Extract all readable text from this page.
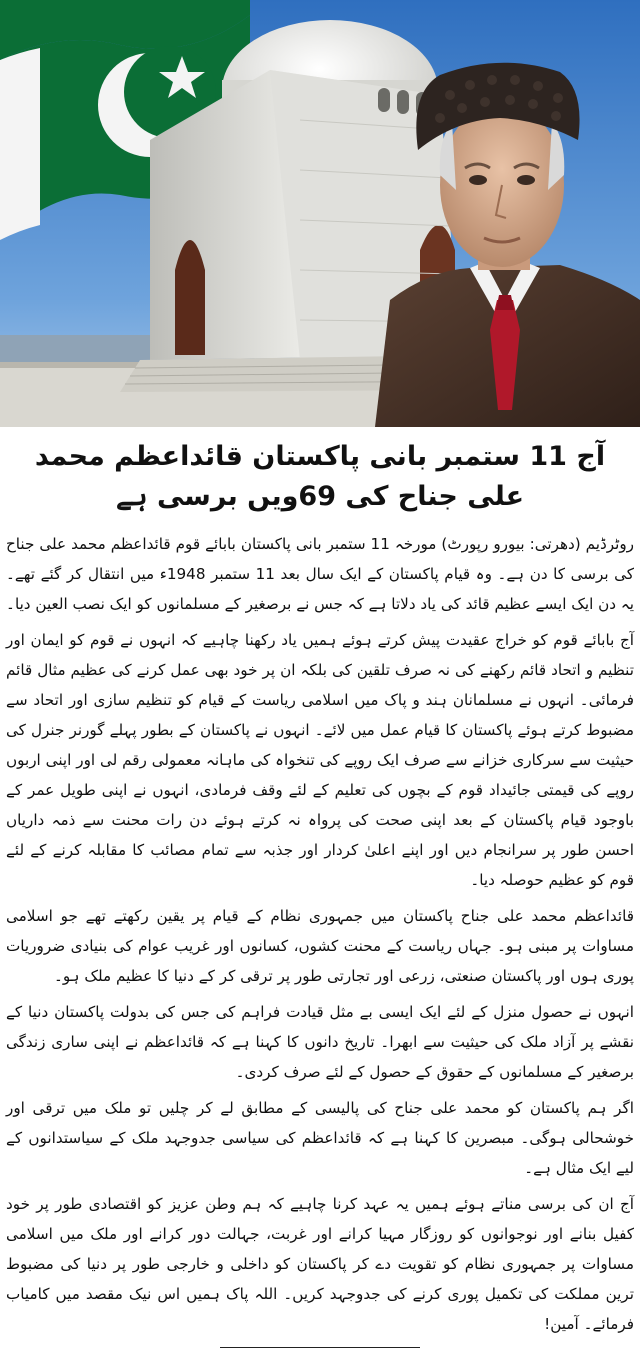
آج 11 ستمبر بانی پاکستان قائداعظم محمد علی جناح کی 69ویں برسی ہے

روٹرڈیم (دھرتی: بیورو رپورٹ) مورخہ 11 ستمبر بانی پاکستان بابائے قوم قائداعظم محمد علی جناح کی برسی کا دن ہے۔ وہ قیام پاکستان کے ایک سال بعد 11 ستمبر 1948ء میں انتقال کر گئے تھے۔ یہ دن ایک ایسے عظیم قائد کی یاد دلاتا ہے کہ جس نے برصغیر کے مسلمانوں کو ایک نصب العین دیا۔

آج بابائے قوم کو خراج عقیدت پیش کرتے ہوئے ہمیں یاد رکھنا چاہیے کہ انہوں نے قوم کو ایمان اور تنظیم و اتحاد قائم رکھنے کی نہ صرف تلقین کی بلکہ ان پر خود بھی عمل کرنے کی عظیم مثال قائم فرمائی۔ انہوں نے مسلمانان ہند و پاک میں اسلامی ریاست کے قیام کو تنظیم سازی اور اتحاد سے مضبوط کرتے ہوئے پاکستان کا قیام عمل میں لائے۔ انہوں نے پاکستان کے بطور پہلے گورنر جنرل کی حیثیت سے سرکاری خزانے سے صرف ایک روپے کی تنخواہ کی ماہانہ معمولی رقم لی اور اپنی اربوں روپے کی قیمتی جائیداد قوم کے بچوں کی تعلیم کے لئے وقف فرمادی، انہوں نے اپنی طویل عمر کے باوجود قیام پاکستان کے بعد اپنی صحت کی پرواہ نہ کرتے ہوئے دن رات محنت سے ذمہ داریاں احسن طور پر سرانجام دیں اور اپنے اعلیٰ کردار اور جذبہ سے تمام مصائب کا مقابلہ کرنے کے لئے قوم کو عظیم حوصلہ دیا۔

قائداعظم محمد علی جناح پاکستان میں جمہوری نظام کے قیام پر یقین رکھتے تھے جو اسلامی مساوات پر مبنی ہو۔ جہاں ریاست کے محنت کشوں، کسانوں اور غریب عوام کی بنیادی ضروریات پوری ہوں اور پاکستان صنعتی، زرعی اور تجارتی طور پر ترقی کر کے دنیا کا عظیم ملک ہو۔

انہوں نے حصول منزل کے لئے ایک ایسی بے مثل قیادت فراہم کی جس کی بدولت پاکستان دنیا کے نقشے پر آزاد ملک کی حیثیت سے ابھرا۔ تاریخ دانوں کا کہنا ہے کہ قائداعظم نے اپنی ساری زندگی برصغیر کے مسلمانوں کے حقوق کے حصول کے لئے صرف کردی۔

اگر ہم پاکستان کو محمد علی جناح کی پالیسی کے مطابق لے کر چلیں تو ملک میں ترقی اور خوشحالی ہوگی۔ مبصرین کا کہنا ہے کہ قائداعظم کی سیاسی جدوجہد ملک کے سیاستدانوں کے لیے ایک مثال ہے۔

آج ان کی برسی مناتے ہوئے ہمیں یہ عہد کرنا چاہیے کہ ہم وطن عزیز کو اقتصادی طور پر خود کفیل بنانے اور نوجوانوں کو روزگار مہیا کرانے اور غربت، جہالت دور کرانے اور ملک میں اسلامی مساوات پر جمہوری نظام کو تقویت دے کر پاکستان کو داخلی و خارجی طور پر دنیا کی مضبوط ترین مملکت کی تکمیل پوری کرنے کی جدوجہد کریں۔ اللہ پاک ہمیں اس نیک مقصد میں کامیاب فرمائے۔ آمین!
